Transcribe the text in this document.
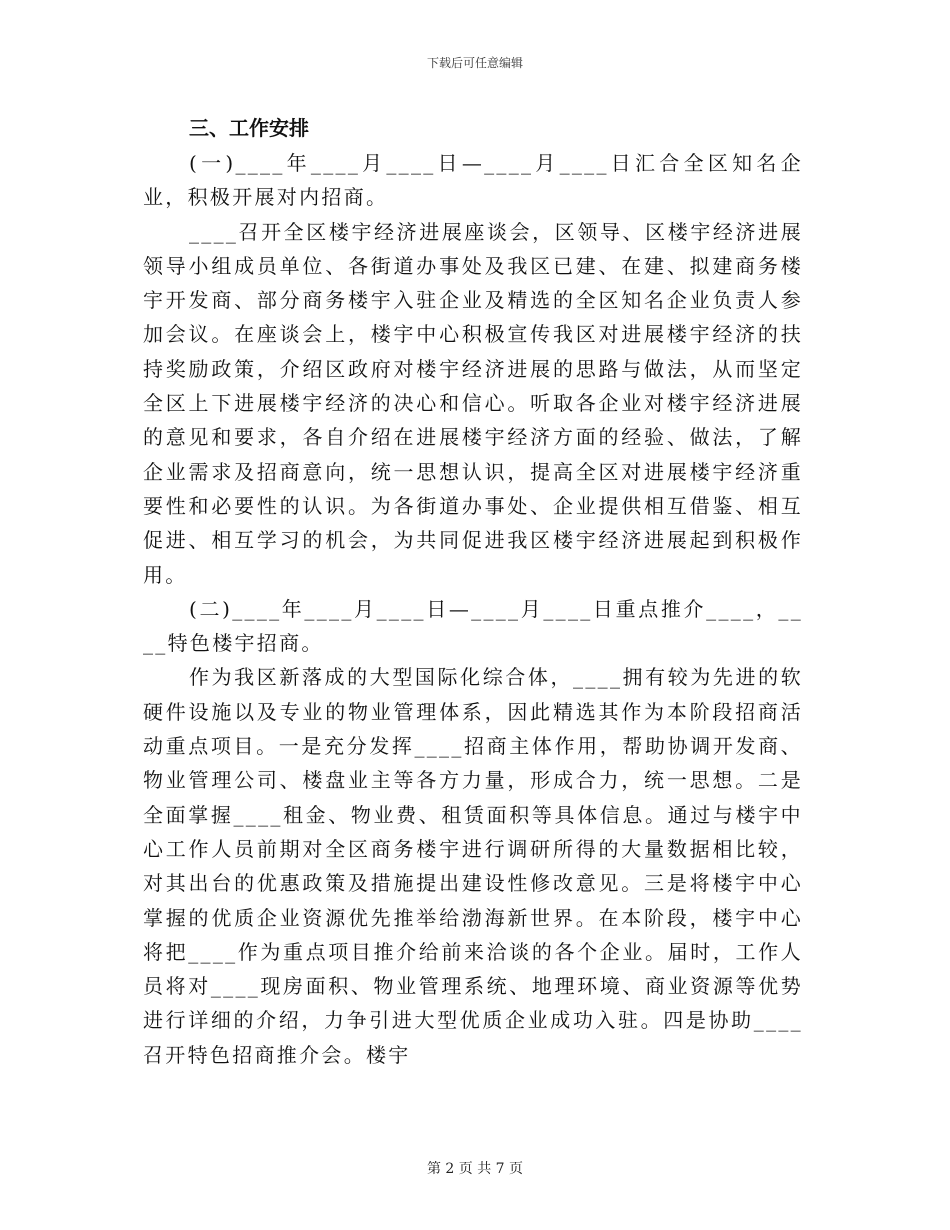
下载后可任意编辑
三、工作安排

(一)____年____月____日—____月____日汇合全区知名企业，积极开展对内招商。

____召开全区楼宇经济进展座谈会，区领导、区楼宇经济进展领导小组成员单位、各街道办事处及我区已建、在建、拟建商务楼宇开发商、部分商务楼宇入驻企业及精选的全区知名企业负责人参加会议。在座谈会上，楼宇中心积极宣传我区对进展楼宇经济的扶持奖励政策，介绍区政府对楼宇经济进展的思路与做法，从而坚定全区上下进展楼宇经济的决心和信心。听取各企业对楼宇经济进展的意见和要求，各自介绍在进展楼宇经济方面的经验、做法，了解企业需求及招商意向，统一思想认识，提高全区对进展楼宇经济重要性和必要性的认识。为各街道办事处、企业提供相互借鉴、相互促进、相互学习的机会，为共同促进我区楼宇经济进展起到积极作用。

(二)____年____月____日—____月____日重点推介____，____特色楼宇招商。

作为我区新落成的大型国际化综合体，____拥有较为先进的软硬件设施以及专业的物业管理体系，因此精选其作为本阶段招商活动重点项目。一是充分发挥____招商主体作用，帮助协调开发商、物业管理公司、楼盘业主等各方力量，形成合力，统一思想。二是全面掌握____租金、物业费、租赁面积等具体信息。通过与楼宇中心工作人员前期对全区商务楼宇进行调研所得的大量数据相比较，对其出台的优惠政策及措施提出建设性修改意见。三是将楼宇中心掌握的优质企业资源优先推举给渤海新世界。在本阶段，楼宇中心将把____作为重点项目推介给前来洽谈的各个企业。届时，工作人员将对____现房面积、物业管理系统、地理环境、商业资源等优势进行详细的介绍，力争引进大型优质企业成功入驻。四是协助____召开特色招商推介会。楼宇

第 2 页 共 7 页
